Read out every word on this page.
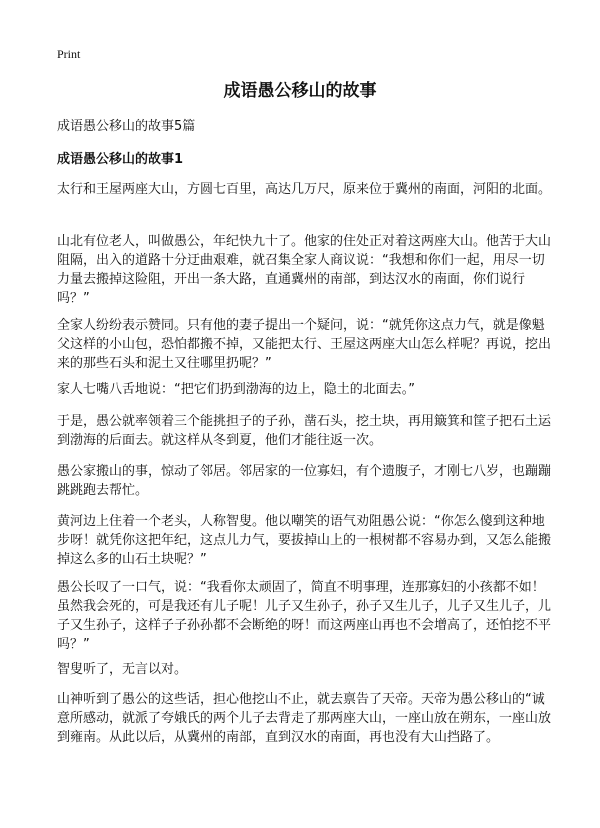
Print
成语愚公移山的故事

成语愚公移山的故事5篇

成语愚公移山的故事1

太行和王屋两座大山，方圆七百里，高达几万尺，原来位于冀州的南面，河阳的北面。

山北有位老人，叫做愚公，年纪快九十了。他家的住处正对着这两座大山。他苦于大山阻隔，出入的道路十分迂曲艰难，就召集全家人商议说：“我想和你们一起，用尽一切力量去搬掉这险阻，开出一条大路，直通冀州的南部，到达汉水的南面，你们说行吗？”

全家人纷纷表示赞同。只有他的妻子提出一个疑问，说：“就凭你这点力气，就是像魁父这样的小山包，恐怕都搬不掉，又能把太行、王屋这两座大山怎么样呢？再说，挖出来的那些石头和泥土又往哪里扔呢？”

家人七嘴八舌地说：“把它们扔到渤海的边上，隐土的北面去。”

于是，愚公就率领着三个能挑担子的子孙，凿石头，挖土块，再用簸箕和筐子把石土运到渤海的后面去。就这样从冬到夏，他们才能往返一次。

愚公家搬山的事，惊动了邻居。邻居家的一位寡妇，有个遗腹子，才刚七八岁，也蹦蹦跳跳跑去帮忙。

黄河边上住着一个老头，人称智叟。他以嘲笑的语气劝阻愚公说：“你怎么傻到这种地步呀！就凭你这把年纪，这点儿力气，要拔掉山上的一根树都不容易办到，又怎么能搬掉这么多的山石土块呢？”

愚公长叹了一口气，说：“我看你太顽固了，简直不明事理，连那寡妇的小孩都不如！虽然我会死的，可是我还有儿子呢！儿子又生孙子，孙子又生儿子，儿子又生儿子，儿子又生孙子，这样子子孙孙都不会断绝的呀！而这两座山再也不会增高了，还怕挖不平吗？”

智叟听了，无言以对。

山神听到了愚公的这些话，担心他挖山不止，就去禀告了天帝。天帝为愚公移山的“诚意所感动，就派了夸娥氏的两个儿子去背走了那两座大山，一座山放在朔东，一座山放到雍南。从此以后，从冀州的南部，直到汉水的南面，再也没有大山挡路了。
